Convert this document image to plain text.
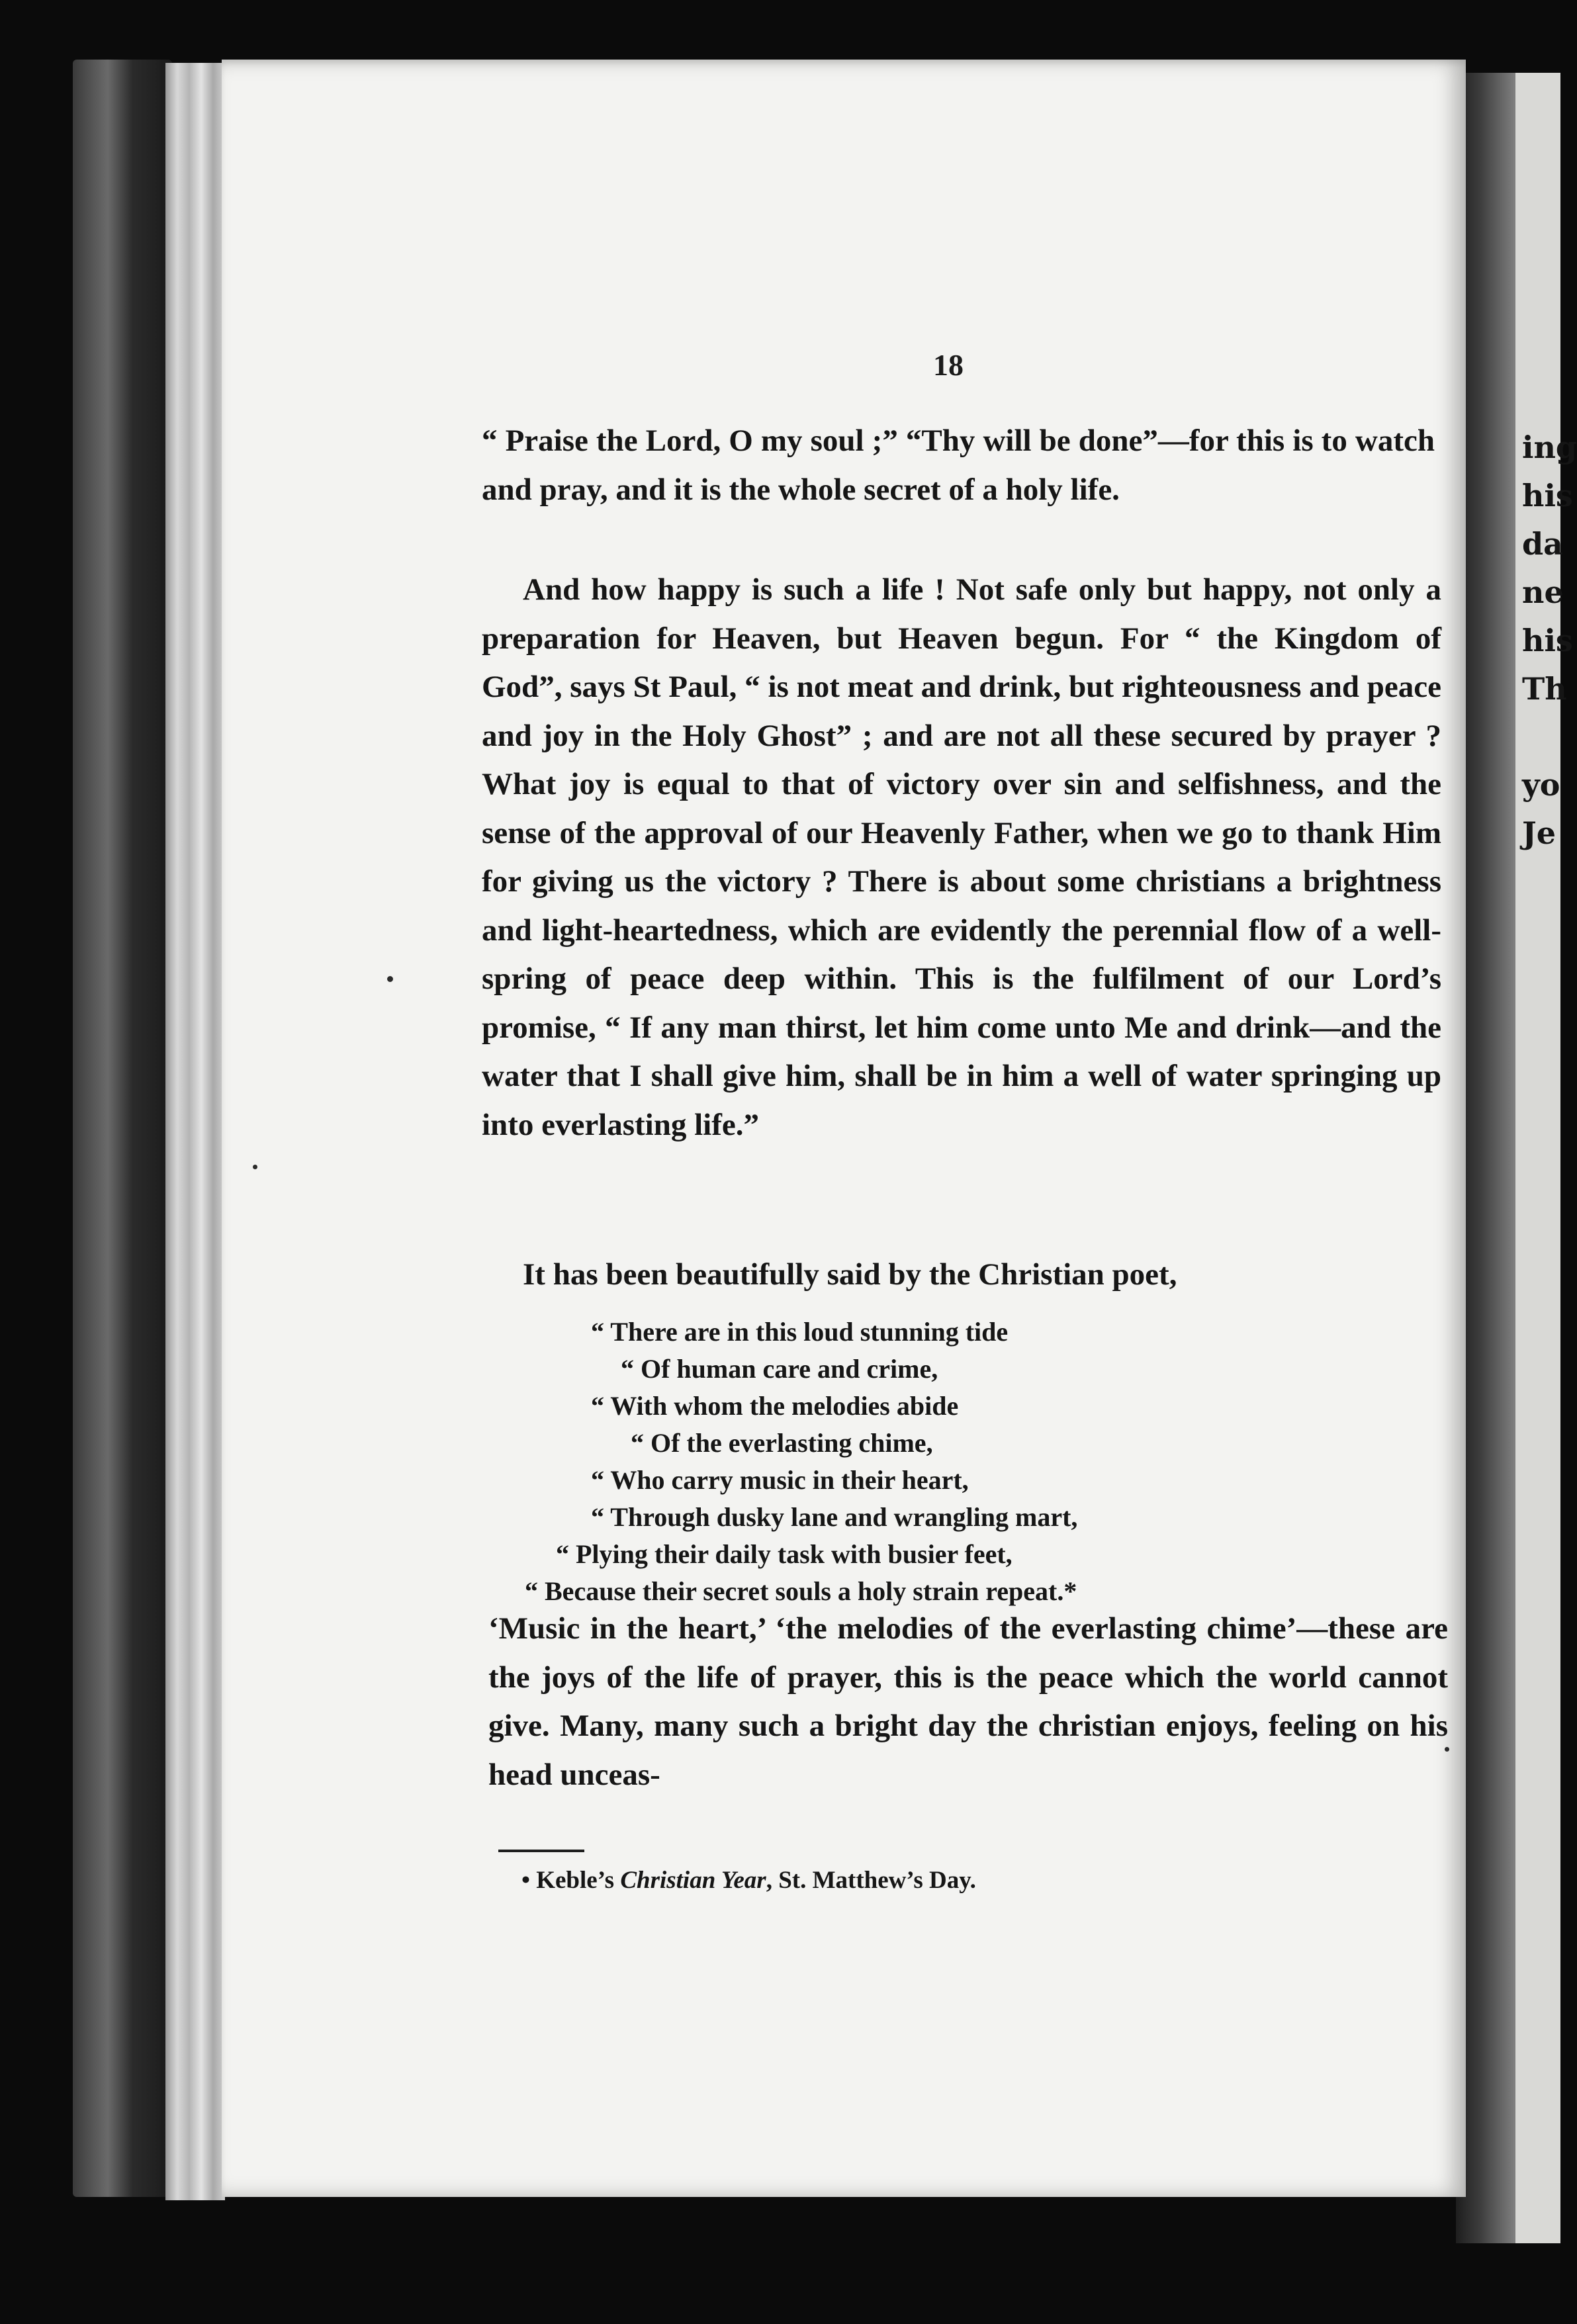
ing
his
da
ne
his
Th
yo
Je
18

“ Praise the Lord, O my soul ;” “Thy will be done”—for this is to watch and pray, and it is the whole secret of a holy life.

And how happy is such a life ! Not safe only but happy, not only a preparation for Heaven, but Heaven begun. For “ the Kingdom of God”, says St Paul, “ is not meat and drink, but righteousness and peace and joy in the Holy Ghost” ; and are not all these secured by prayer ? What joy is equal to that of victory over sin and selfishness, and the sense of the approval of our Heavenly Father, when we go to thank Him for giving us the victory ? There is about some christians a brightness and light-heartedness, which are evidently the perennial flow of a well-spring of peace deep within. This is the fulfilment of our Lord’s promise, “ If any man thirst, let him come unto Me and drink—and the water that I shall give him, shall be in him a well of water springing up into everlasting life.”

It has been beautifully said by the Christian poet,

“ There are in this loud stunning tide
“ Of human care and crime,
“ With whom the melodies abide
“ Of the everlasting chime,
“ Who carry music in their heart,
“ Through dusky lane and wrangling mart,
“ Plying their daily task with busier feet,
“ Because their secret souls a holy strain repeat.*

‘Music in the heart,’ ‘the melodies of the everlasting chime’—these are the joys of the life of prayer, this is the peace which the world cannot give. Many, many such a bright day the christian enjoys, feeling on his head unceas-

• Keble’s Christian Year, St. Matthew’s Day.
